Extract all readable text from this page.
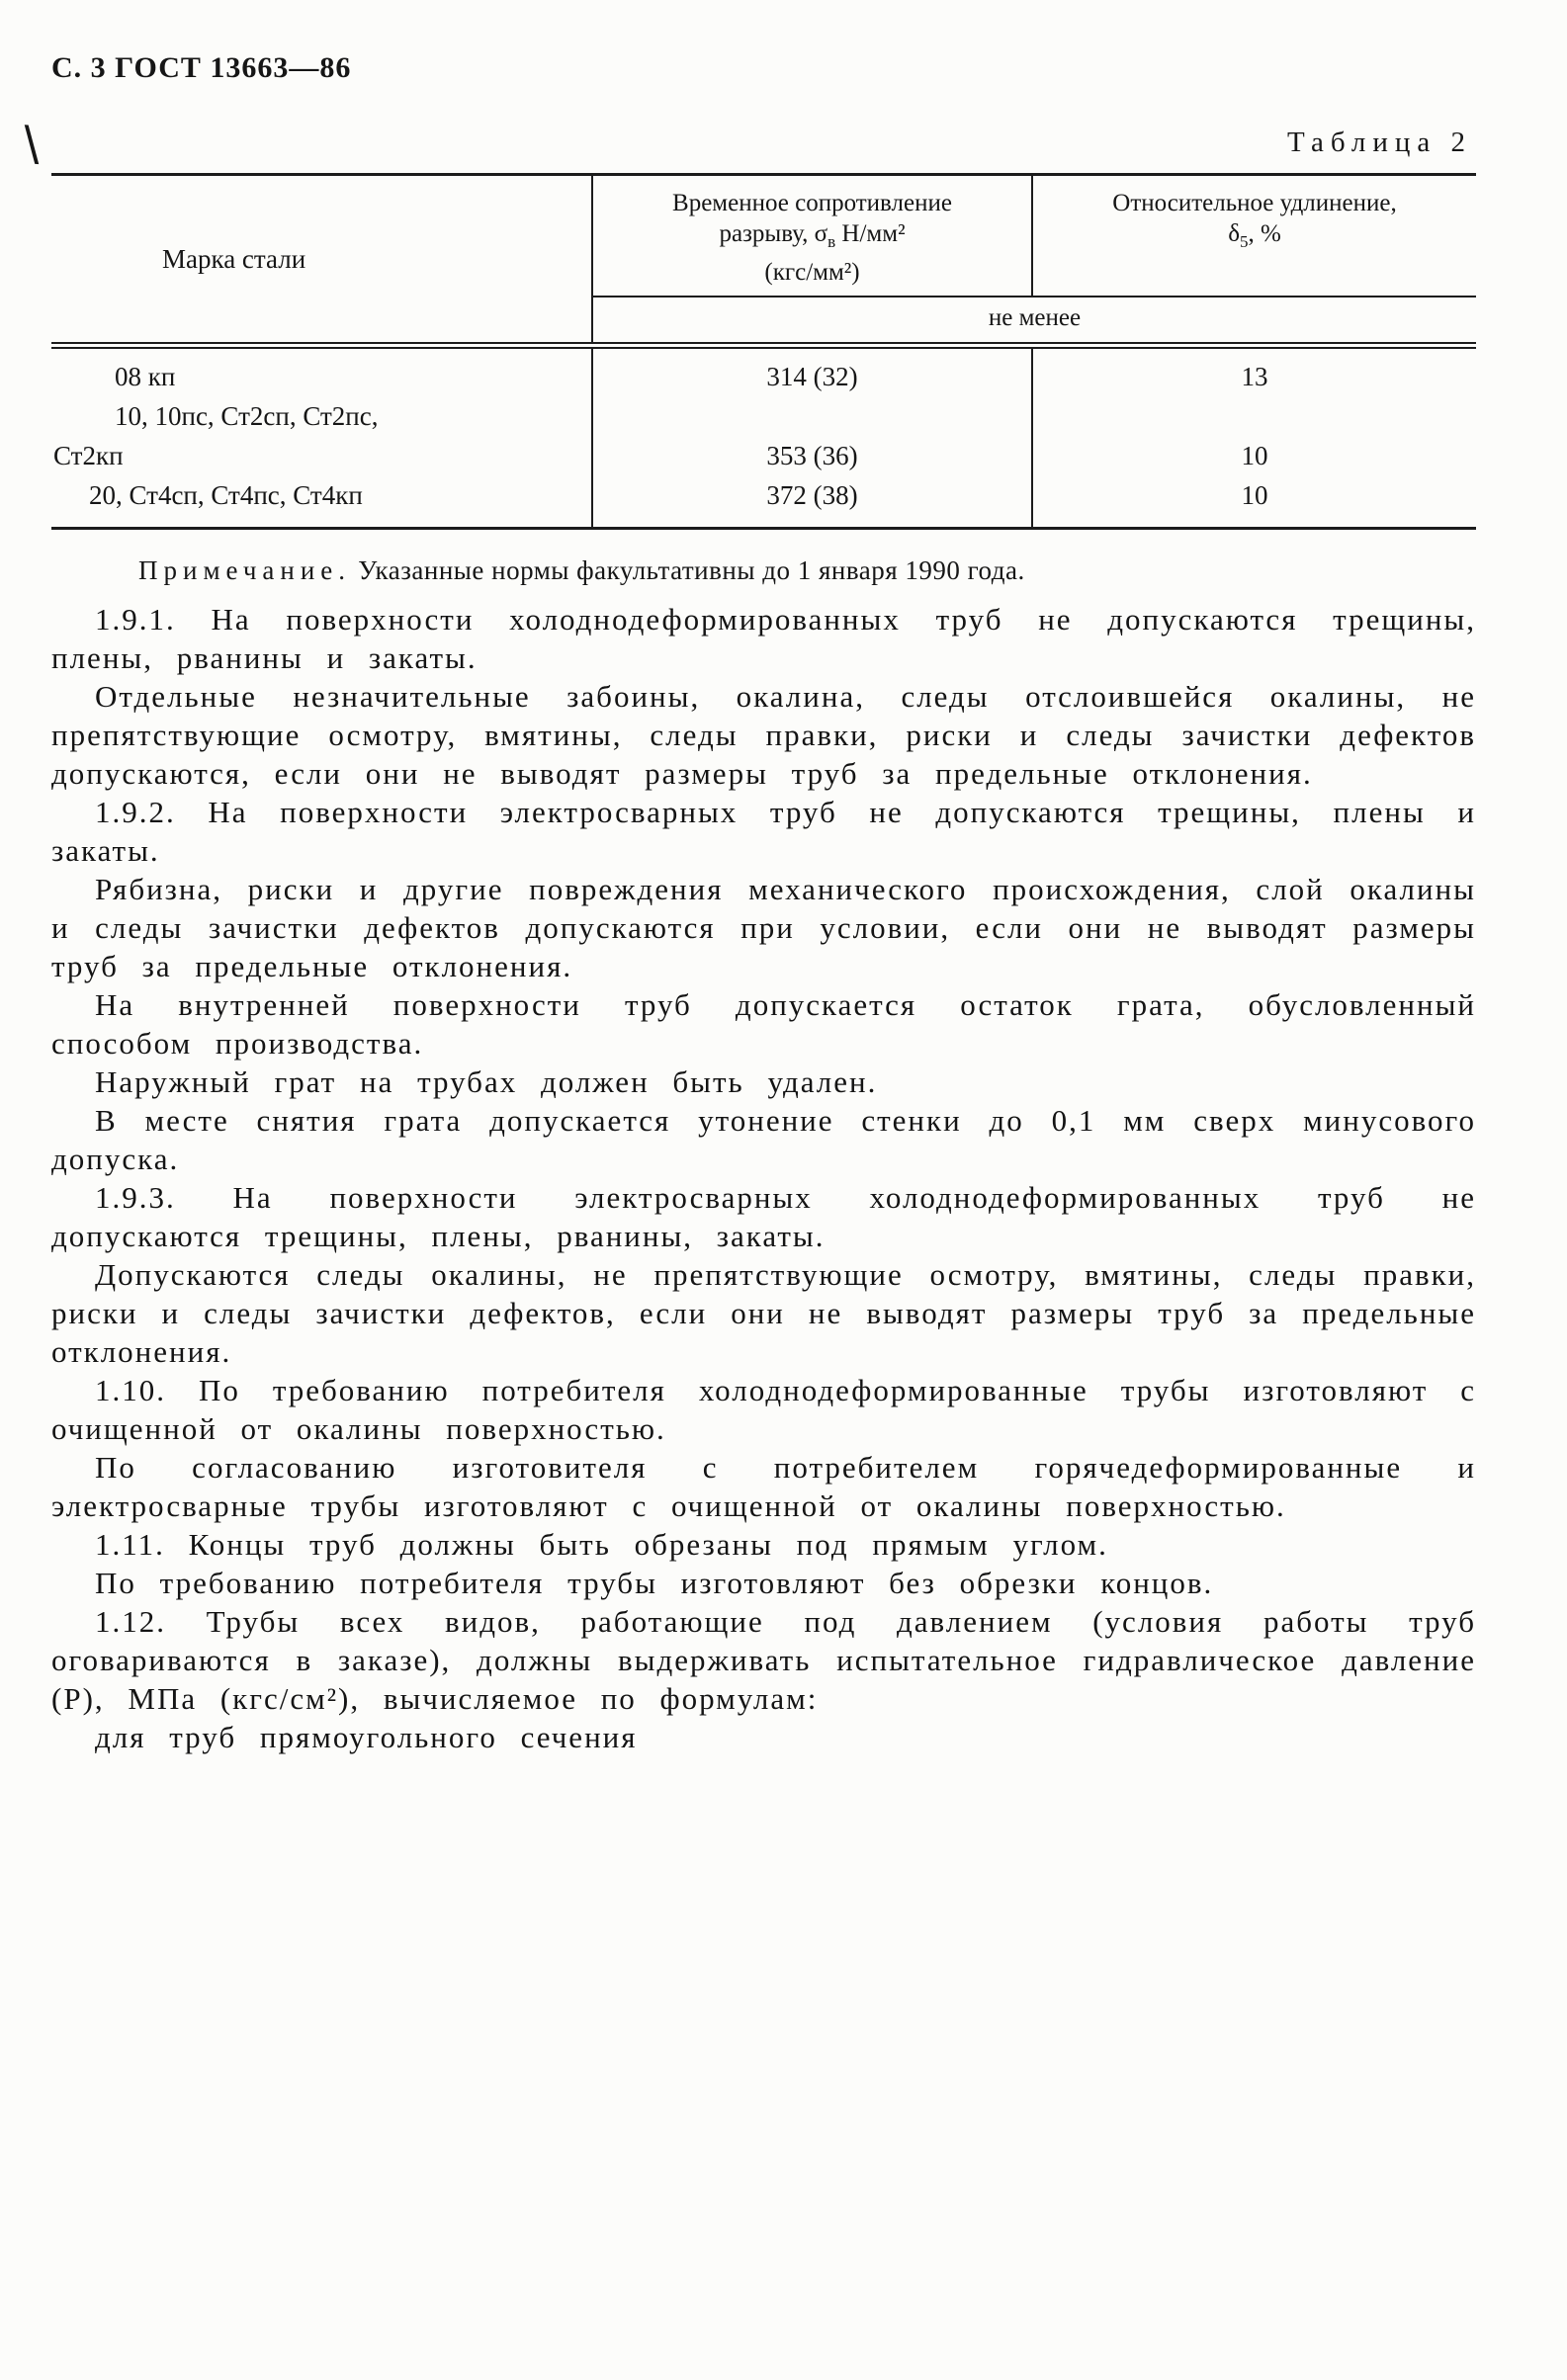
С. 3 ГОСТ 13663—86
\	Таблица 2
Марка стали
Временное сопротивление
разрыву, $\sigma_в$ Н/мм²
(кгс/мм²)
Относительное удлинение,
$\delta_5$, %
не менее
08 кп
10, 10пс, Ст2сп, Ст2пс,
Ст2кп
20, Ст4сп, Ст4пс, Ст4кп
314 (32)
353 (36)
372 (38)
13
10
10

Примечание. Указанные нормы факультативны до 1 января 1990 года.

1.9.1. На поверхности холоднодеформированных труб не допускаются трещины, плены, рванины и закаты.

Отдельные незначительные забоины, окалина, следы отслоившейся окалины, не препятствующие осмотру, вмятины, следы правки, риски и следы зачистки дефектов допускаются, если они не выводят размеры труб за предельные отклонения.

1.9.2. На поверхности электросварных труб не допускаются трещины, плены и закаты.

Рябизна, риски и другие повреждения механического происхождения, слой окалины и следы зачистки дефектов допускаются при условии, если они не выводят размеры труб за предельные отклонения.

На внутренней поверхности труб допускается остаток грата, обусловленный способом производства.

Наружный грат на трубах должен быть удален.

В месте снятия грата допускается утонение стенки до 0,1 мм сверх минусового допуска.

1.9.3. На поверхности электросварных холоднодеформированных труб не допускаются трещины, плены, рванины, закаты.

Допускаются следы окалины, не препятствующие осмотру, вмятины, следы правки, риски и следы зачистки дефектов, если они не выводят размеры труб за предельные отклонения.

1.10. По требованию потребителя холоднодеформированные трубы изготовляют с очищенной от окалины поверхностью.

По согласованию изготовителя с потребителем горячедеформированные и электросварные трубы изготовляют с очищенной от окалины поверхностью.

1.11. Концы труб должны быть обрезаны под прямым углом.

По требованию потребителя трубы изготовляют без обрезки концов.

1.12. Трубы всех видов, работающие под давлением (условия работы труб оговариваются в заказе), должны выдерживать испытательное гидравлическое давление (Р), МПа (кгс/см²), вычисляемое по формулам:

для труб прямоугольного сечения
